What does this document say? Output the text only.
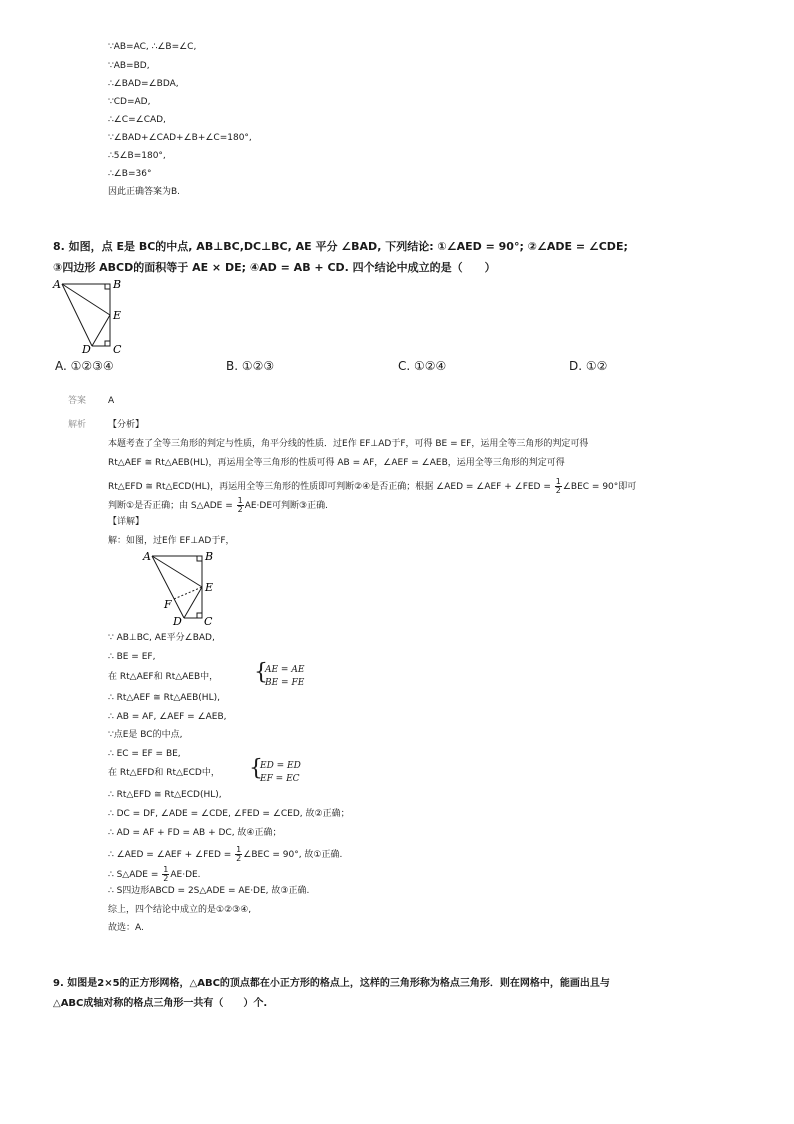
∵AB=AC, ∴∠B=∠C,
∵AB=BD,
∴∠BAD=∠BDA,
∵CD=AD,
∴∠C=∠CAD,
∵∠BAD+∠CAD+∠B+∠C=180°,
∴5∠B=180°,
∴∠B=36°
因此正确答案为B.
8. 如图，点 E是 BC的中点, AB⊥BC,DC⊥BC, AE 平分 ∠BAD, 下列结论: ①∠AED = 90°; ②∠ADE = ∠CDE;
③四边形 ABCD的面积等于 AE × DE; ④AD = AB + CD. 四个结论中成立的是（　　）
A	B
E
D C
A. ①②③④	B. ①②③	C. ①②④	D. ①②
答案 A
解析 【分析】
本题考查了全等三角形的判定与性质，角平分线的性质．过E作 EF⊥AD于F，可得 BE = EF，运用全等三角形的判定可得
Rt△AEF ≅ Rt△AEB(HL)，再运用全等三角形的性质可得 AB = AF，∠AEF = ∠AEB，运用全等三角形的判定可得
Rt△EFD ≅ Rt△ECD(HL)，再运用全等三角形的性质即可判断②④是否正确；根据 ∠AED = ∠AEF + ∠FED = $\frac{1}{2}$ ∠BEC = 90°即可
判断①是否正确；由 S△ADE = $\frac{1}{2} AE\cdot DE$可判断③正确.
【详解】
解：如图，过E作 EF⊥AD于F，
A	B
E
F
D C
∵ AB⊥BC, AE平分∠BAD,
∴ BE = EF,
在 Rt△AEF和 Rt△AEB中， {
AE = AE
BE = FE
∴ Rt△AEF ≅ Rt△AEB(HL),
∴ AB = AF, ∠AEF = ∠AEB,
∵点E是 BC的中点,
∴ EC = EF = BE,
在 Rt△EFD和 Rt△ECD中， {
ED = ED
EF = EC
∴ Rt△EFD ≅ Rt△ECD(HL),
∴ DC = DF, ∠ADE = ∠CDE, ∠FED = ∠CED, 故②正确；
∴ AD = AF + FD = AB + DC, 故④正确；
∴ ∠AED = ∠AEF + ∠FED = $\frac{1}{2}$ ∠BEC = 90°, 故①正确.
∴ S△ADE = $\frac{1}{2} AE\cdot DE$.
∴ S四边形ABCD = 2S△ADE = AE·DE, 故③正确.
综上，四个结论中成立的是①②③④,
故选：A.
9. 如图是2×5的正方形网格，△ABC的顶点都在小正方形的格点上，这样的三角形称为格点三角形．则在网格中，能画出且与
△ABC成轴对称的格点三角形一共有（　　）个.
